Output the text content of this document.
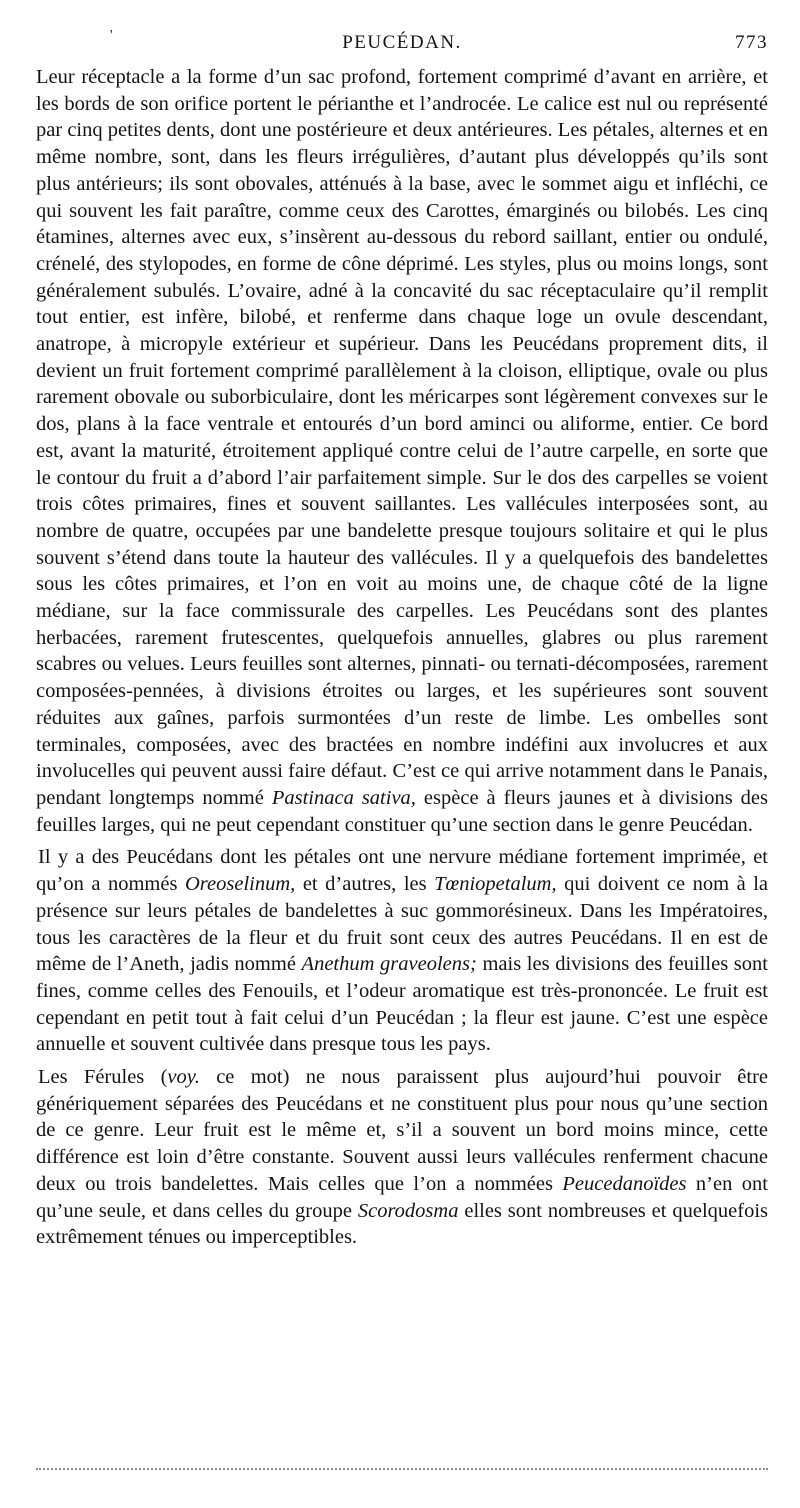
'	PEUCÉDAN.	773

Leur réceptacle a la forme d’un sac profond, fortement comprimé d’avant en arrière, et les bords de son orifice portent le périanthe et l’androcée. Le calice est nul ou représenté par cinq petites dents, dont une postérieure et deux antérieures. Les pétales, alternes et en même nombre, sont, dans les fleurs irrégulières, d’autant plus développés qu’ils sont plus antérieurs; ils sont obovales, atténués à la base, avec le sommet aigu et infléchi, ce qui souvent les fait paraître, comme ceux des Carottes, émarginés ou bilobés. Les cinq étamines, alternes avec eux, s’insèrent au-dessous du rebord saillant, entier ou ondulé, crénelé, des stylopodes, en forme de cône déprimé. Les styles, plus ou moins longs, sont généralement subulés. L’ovaire, adné à la concavité du sac réceptaculaire qu’il remplit tout entier, est infère, bilobé, et renferme dans chaque loge un ovule descendant, anatrope, à micropyle extérieur et supérieur. Dans les Peucédans proprement dits, il devient un fruit fortement comprimé parallèlement à la cloison, elliptique, ovale ou plus rarement obovale ou suborbiculaire, dont les méricarpes sont légèrement convexes sur le dos, plans à la face ventrale et entourés d’un bord aminci ou aliforme, entier. Ce bord est, avant la maturité, étroitement appliqué contre celui de l’autre carpelle, en sorte que le contour du fruit a d’abord l’air parfaitement simple. Sur le dos des carpelles se voient trois côtes primaires, fines et souvent saillantes. Les vallécules interposées sont, au nombre de quatre, occupées par une bandelette presque toujours solitaire et qui le plus souvent s’étend dans toute la hauteur des vallécules. Il y a quelquefois des bandelettes sous les côtes primaires, et l’on en voit au moins une, de chaque côté de la ligne médiane, sur la face commissurale des carpelles. Les Peucédans sont des plantes herbacées, rarement frutescentes, quelquefois annuelles, glabres ou plus rarement scabres ou velues. Leurs feuilles sont alternes, pinnati- ou ternati-décomposées, rarement composées-pennées, à divisions étroites ou larges, et les supérieures sont souvent réduites aux gaînes, parfois surmontées d’un reste de limbe. Les ombelles sont terminales, composées, avec des bractées en nombre indéfini aux involucres et aux involucelles qui peuvent aussi faire défaut. C’est ce qui arrive notamment dans le Panais, pendant longtemps nommé Pastinaca sativa, espèce à fleurs jaunes et à divisions des feuilles larges, qui ne peut cependant constituer qu’une section dans le genre Peucédan.

Il y a des Peucédans dont les pétales ont une nervure médiane fortement imprimée, et qu’on a nommés Oreoselinum, et d’autres, les Tœniopetalum, qui doivent ce nom à la présence sur leurs pétales de bandelettes à suc gommorésineux. Dans les Impératoires, tous les caractères de la fleur et du fruit sont ceux des autres Peucédans. Il en est de même de l’Aneth, jadis nommé Anethum graveolens; mais les divisions des feuilles sont fines, comme celles des Fenouils, et l’odeur aromatique est très-prononcée. Le fruit est cependant en petit tout à fait celui d’un Peucédan ; la fleur est jaune. C’est une espèce annuelle et souvent cultivée dans presque tous les pays.

Les Férules (voy. ce mot) ne nous paraissent plus aujourd’hui pouvoir être génériquement séparées des Peucédans et ne constituent plus pour nous qu’une section de ce genre. Leur fruit est le même et, s’il a souvent un bord moins mince, cette différence est loin d’être constante. Souvent aussi leurs vallécules renferment chacune deux ou trois bandelettes. Mais celles que l’on a nommées Peucedanoïdes n’en ont qu’une seule, et dans celles du groupe Scorodosma elles sont nombreuses et quelquefois extrêmement ténues ou imperceptibles.
